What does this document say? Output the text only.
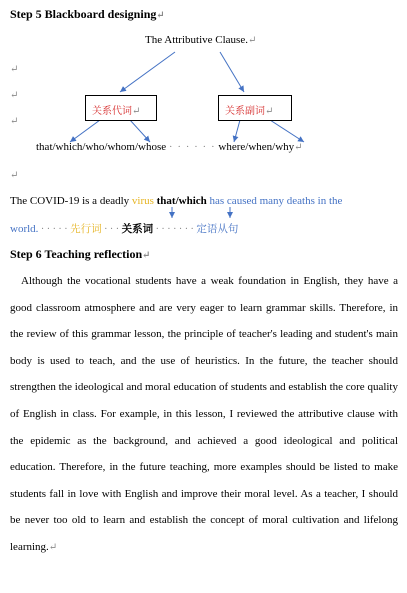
Step 5 Blackboard designing↵
The Attributive Clause.↵
↵
↵
↵
↵
关系代词↵	关系副词↵
that/which/who/whom/whose · · · · · · where/when/why↵
The COVID-19 is a deadly virus that/which has caused many deaths in the
world. · · · · · 先行词 · · · 关系词 · · · · · · · 定语从句
Step 6 Teaching reflection↵

Although the vocational students have a weak foundation in English, they have a good classroom atmosphere and are very eager to learn grammar skills. Therefore, in the review of this grammar lesson, the principle of teacher's leading and student's main body is used to teach, and the use of heuristics. In the future, the teacher should strengthen the ideological and moral education of students and establish the core quality of English in class. For example, in this lesson, I reviewed the attributive clause with the epidemic as the background, and achieved a good ideological and political education. Therefore, in the future teaching, more examples should be listed to make students fall in love with English and improve their moral level. As a teacher, I should be never too old to learn and establish the concept of moral cultivation and lifelong learning.↵
